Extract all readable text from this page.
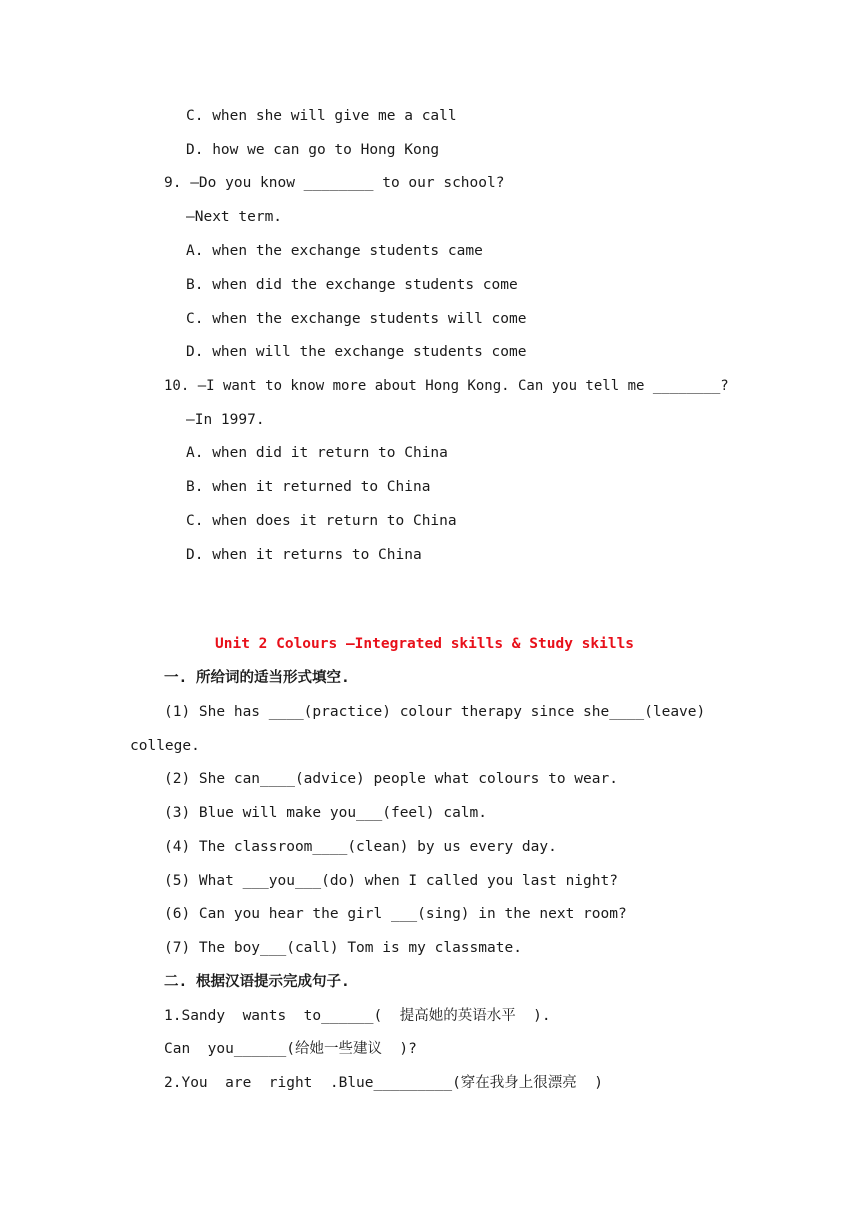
C. when she will give me a call
D. how we can go to Hong Kong
9. —Do you know ________ to our school?
—Next term.
A. when the exchange students came
B. when did the exchange students come
C. when the exchange students will come
D. when will the exchange students come
10. —I want to know more about Hong Kong. Can you tell me ________?
—In 1997.
A. when did it return to China
B. when it returned to China
C. when does it return to China
D. when it returns to China
Unit 2 Colours –Integrated skills & Study skills
一. 所给词的适当形式填空.
(1) She has ____(practice) colour therapy since she____(leave)
college.
(2) She can____(advice) people what colours to wear.
(3) Blue will make you___(feel) calm.
(4) The classroom____(clean) by us every day.
(5) What ___you___(do) when I called you last night?
(6) Can you hear the girl ___(sing) in the next room?
(7) The boy___(call) Tom is my classmate.
二. 根据汉语提示完成句子.
1.Sandy  wants  to______(  提高她的英语水平  ).
Can  you______(给她一些建议  )?
2.You  are  right  .Blue_________(穿在我身上很漂亮  )
